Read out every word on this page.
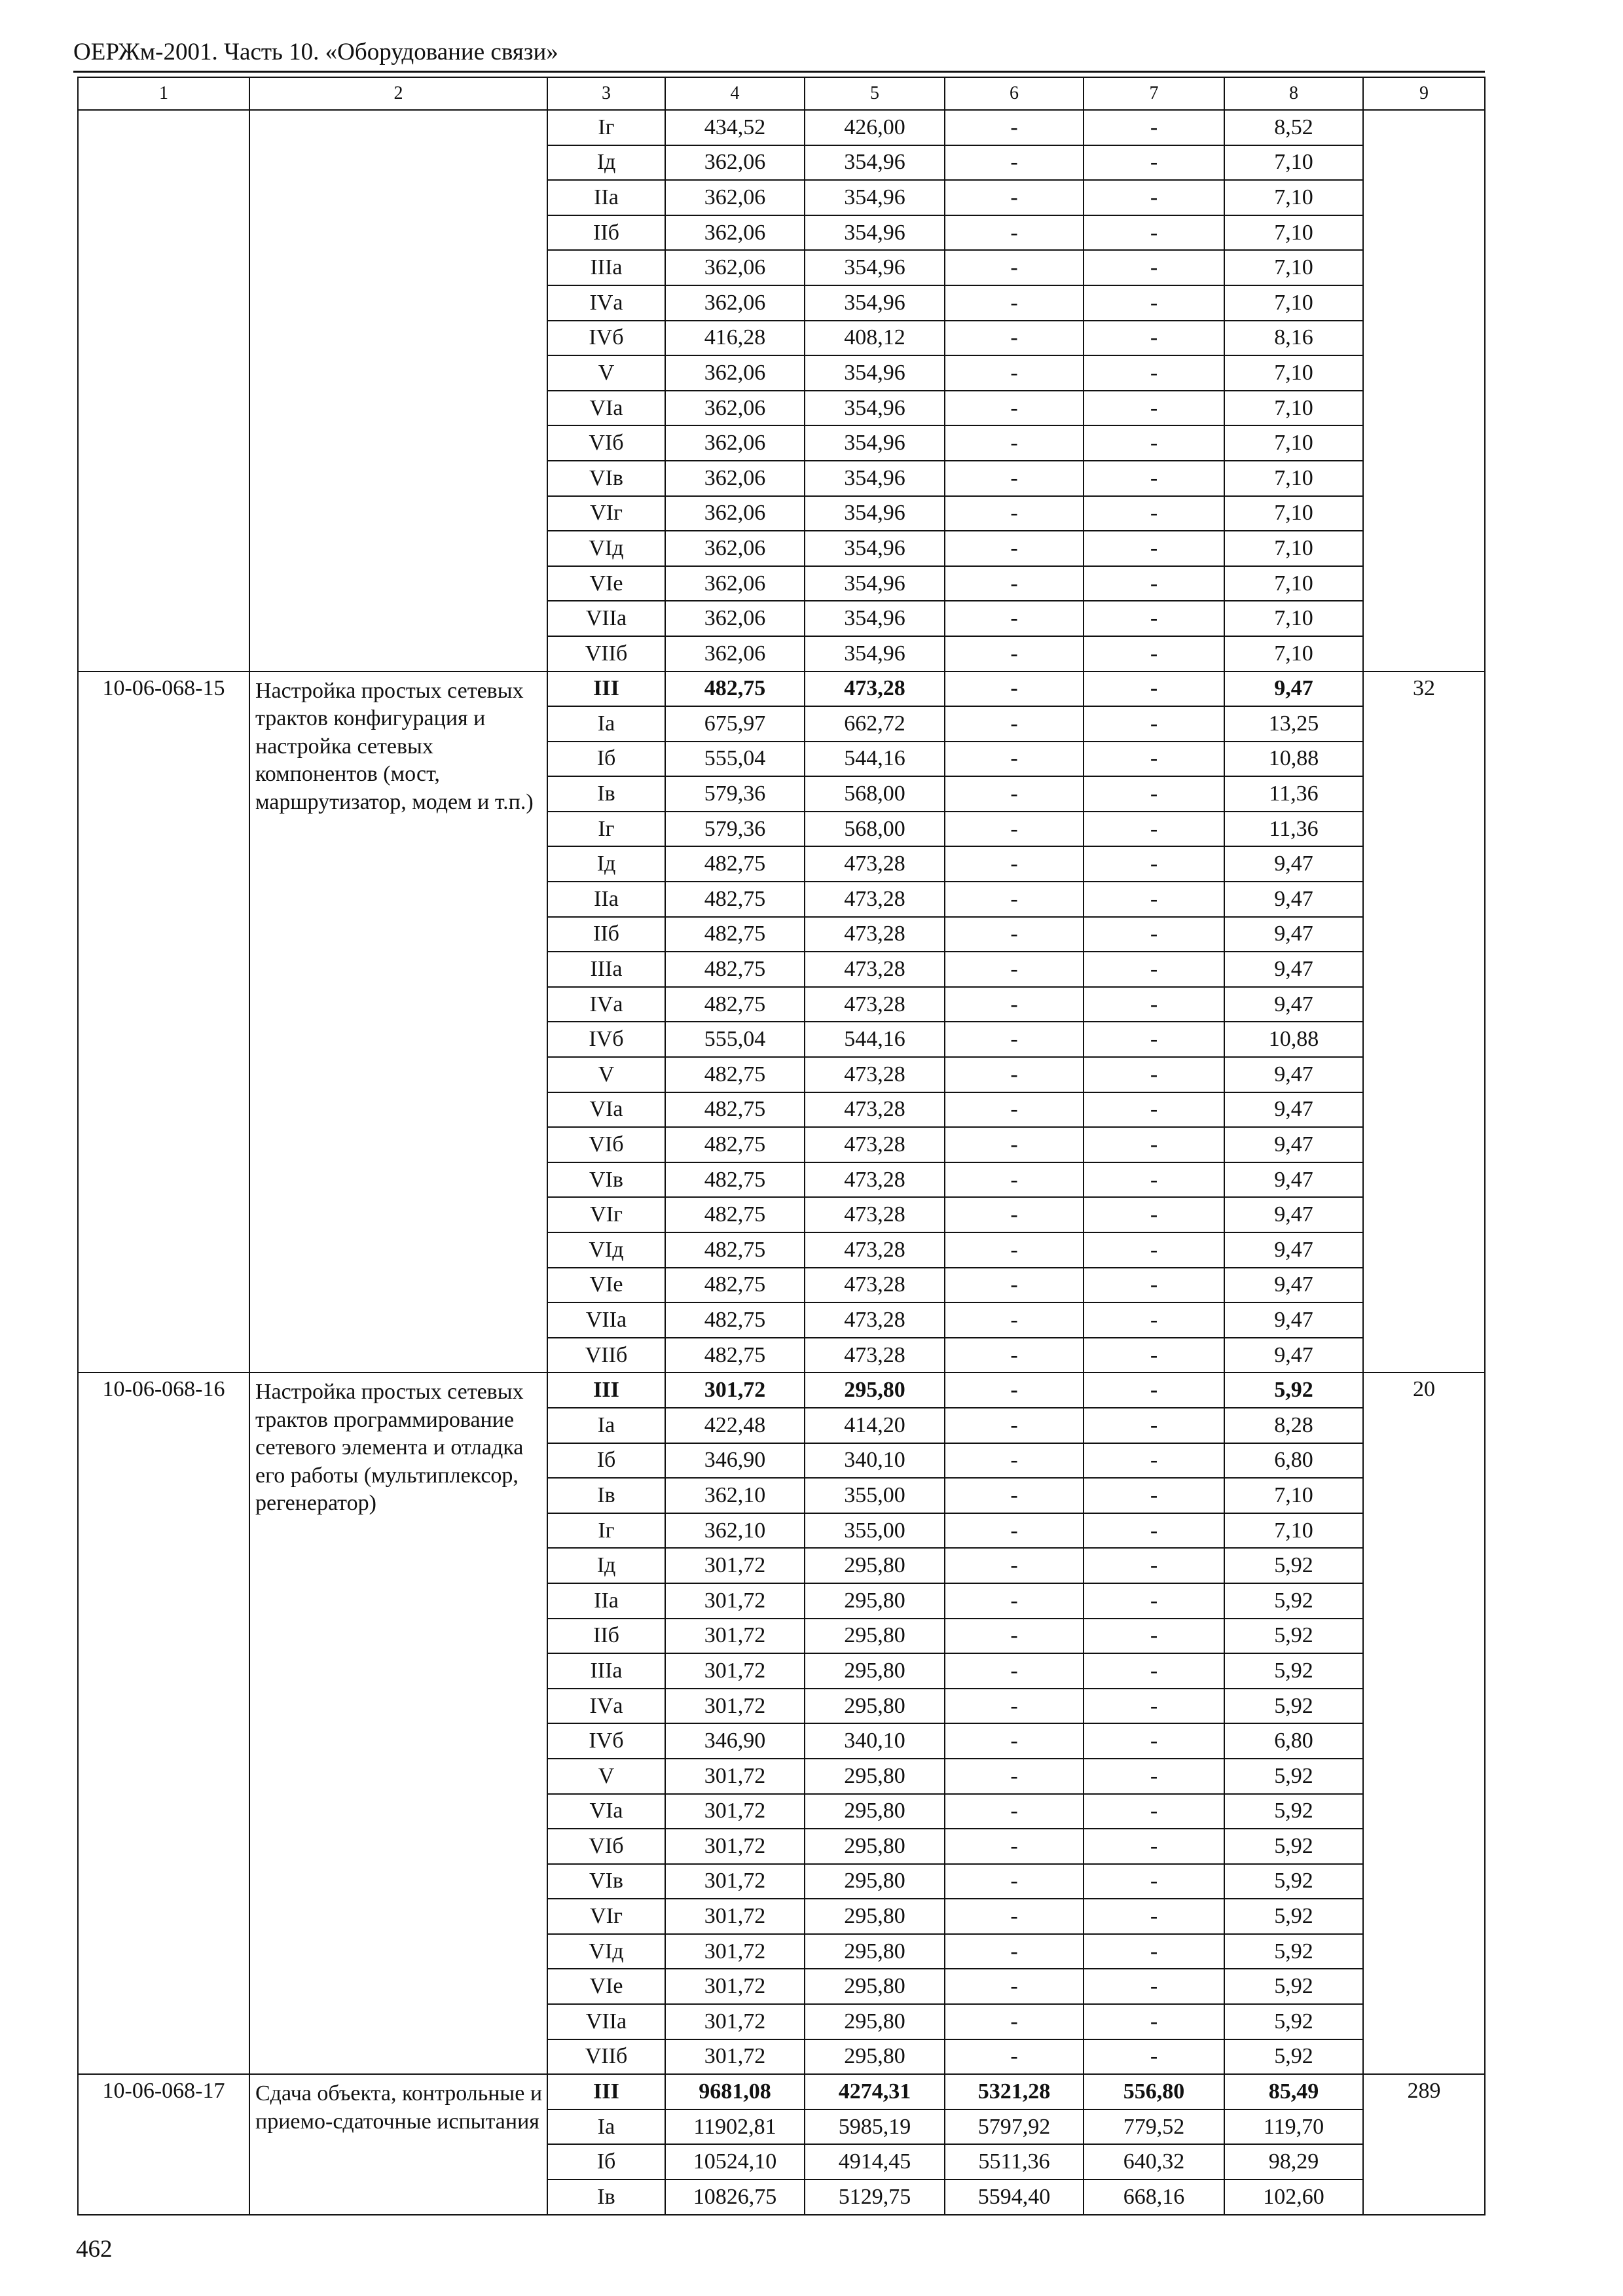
ОЕРЖм-2001. Часть 10. «Оборудование связи»
1	2	3	4	5	6	7	8	9
		Iг	434,52	426,00	-	-	8,52	
		Iд	362,06	354,96	-	-	7,10	
		IIа	362,06	354,96	-	-	7,10	
		IIб	362,06	354,96	-	-	7,10	
		IIIа	362,06	354,96	-	-	7,10	
		IVа	362,06	354,96	-	-	7,10	
		IVб	416,28	408,12	-	-	8,16	
		V	362,06	354,96	-	-	7,10	
		VIа	362,06	354,96	-	-	7,10	
		VIб	362,06	354,96	-	-	7,10	
		VIв	362,06	354,96	-	-	7,10	
		VIг	362,06	354,96	-	-	7,10	
		VIд	362,06	354,96	-	-	7,10	
		VIе	362,06	354,96	-	-	7,10	
		VIIа	362,06	354,96	-	-	7,10	
		VIIб	362,06	354,96	-	-	7,10	
10-06-068-15	Настройка простых сетевых трактов конфигурация и настройка сетевых компонентов (мост, маршрутизатор, модем и т.п.)	III	482,75	473,28	-	-	9,47	32
		Iа	675,97	662,72	-	-	13,25	
		Iб	555,04	544,16	-	-	10,88	
		Iв	579,36	568,00	-	-	11,36	
		Iг	579,36	568,00	-	-	11,36	
		Iд	482,75	473,28	-	-	9,47	
		IIа	482,75	473,28	-	-	9,47	
		IIб	482,75	473,28	-	-	9,47	
		IIIа	482,75	473,28	-	-	9,47	
		IVа	482,75	473,28	-	-	9,47	
		IVб	555,04	544,16	-	-	10,88	
		V	482,75	473,28	-	-	9,47	
		VIа	482,75	473,28	-	-	9,47	
		VIб	482,75	473,28	-	-	9,47	
		VIв	482,75	473,28	-	-	9,47	
		VIг	482,75	473,28	-	-	9,47	
		VIд	482,75	473,28	-	-	9,47	
		VIе	482,75	473,28	-	-	9,47	
		VIIа	482,75	473,28	-	-	9,47	
		VIIб	482,75	473,28	-	-	9,47	
10-06-068-16	Настройка простых сетевых трактов программирование сетевого элемента и отладка его работы (мультиплексор, регенератор)	III	301,72	295,80	-	-	5,92	20
		Iа	422,48	414,20	-	-	8,28	
		Iб	346,90	340,10	-	-	6,80	
		Iв	362,10	355,00	-	-	7,10	
		Iг	362,10	355,00	-	-	7,10	
		Iд	301,72	295,80	-	-	5,92	
		IIа	301,72	295,80	-	-	5,92	
		IIб	301,72	295,80	-	-	5,92	
		IIIа	301,72	295,80	-	-	5,92	
		IVа	301,72	295,80	-	-	5,92	
		IVб	346,90	340,10	-	-	6,80	
		V	301,72	295,80	-	-	5,92	
		VIа	301,72	295,80	-	-	5,92	
		VIб	301,72	295,80	-	-	5,92	
		VIв	301,72	295,80	-	-	5,92	
		VIг	301,72	295,80	-	-	5,92	
		VIд	301,72	295,80	-	-	5,92	
		VIе	301,72	295,80	-	-	5,92	
		VIIа	301,72	295,80	-	-	5,92	
		VIIб	301,72	295,80	-	-	5,92	
10-06-068-17	Сдача объекта, контрольные и приемо-сдаточные испытания	III	9681,08	4274,31	5321,28	556,80	85,49	289
		Iа	11902,81	5985,19	5797,92	779,52	119,70	
		Iб	10524,10	4914,45	5511,36	640,32	98,29	
		Iв	10826,75	5129,75	5594,40	668,16	102,60	
462
